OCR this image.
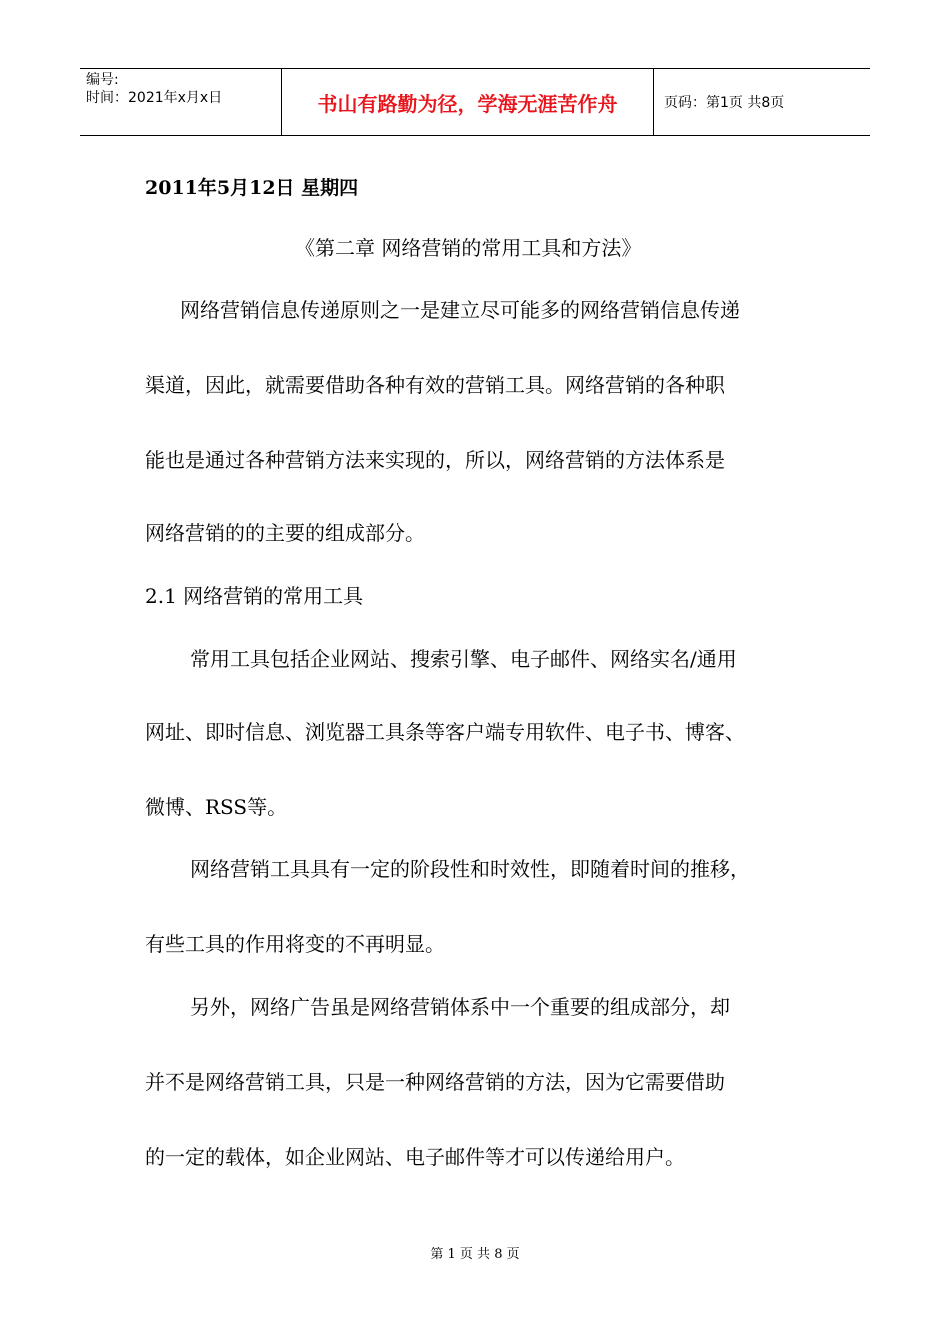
编号:
时间：2021年x月x日	书山有路勤为径，学海无涯苦作舟	页码：第1页 共8页
2011年5月12日 星期四
《第二章 网络营销的常用工具和方法》
网络营销信息传递原则之一是建立尽可能多的网络营销信息传递
渠道，因此，就需要借助各种有效的营销工具。网络营销的各种职
能也是通过各种营销方法来实现的，所以，网络营销的方法体系是
网络营销的的主要的组成部分。
2.1 网络营销的常用工具
常用工具包括企业网站、搜索引擎、电子邮件、网络实名/通用
网址、即时信息、浏览器工具条等客户端专用软件、电子书、博客、
微博、RSS等。
网络营销工具具有一定的阶段性和时效性，即随着时间的推移，
有些工具的作用将变的不再明显。
另外，网络广告虽是网络营销体系中一个重要的组成部分，却
并不是网络营销工具，只是一种网络营销的方法，因为它需要借助
的一定的载体，如企业网站、电子邮件等才可以传递给用户。
第 1 页 共 8 页
